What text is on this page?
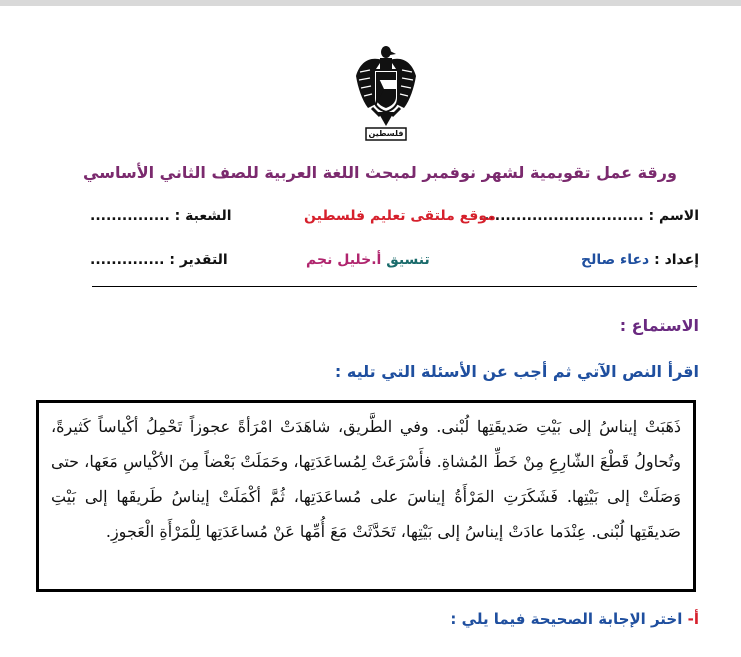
فلسطين
ورقة عمل تقويمية لشهر نوفمبر لمبحث اللغة العربية للصف الثاني الأساسي
الاسم : ...............................
موقع ملتقى تعليم فلسطين
الشعبة : ...............
إعداد : دعاء صالح
تنسيق أ.خليل نجم
التقدير : ..............
الاستماع :
اقرأ النص الآتي ثم أجب عن الأسئلة التي تليه :
ذَهَبَتْ إيناسُ إلى بَيْتِ صَديقَتِها لُبْنى. وفي الطَّريق، شاهَدَتْ امْرَأةً عجوزاً تَحْمِلُ أكْياساً كَثيرةً، وتُحاولُ قَطْعَ الشّارِعِ مِنْ خَطِّ المُشاةِ. فأَسْرَعَتْ لِمُساعَدَتِها، وحَمَلَتْ بَعْضاً مِنَ الأكْياسِ مَعَها، حتى وَصَلَتْ إلى بَيْتِها. فَشَكَرَتِ المَرْأَةُ إيناسَ على مُساعَدَتِها، ثُمَّ أكْمَلَتْ إيناسُ طَريقَها إلى بَيْتِ صَديقَتِها لُبْنى. عِنْدَما عادَتْ إيناسُ إلى بَيْتِها، تَحَدَّثَتْ مَعَ أُمِّها عَنْ مُساعَدَتِها لِلْمَرْأَةِ الْعَجوزِ.
أ- اختر الإجابة الصحيحة فيما يلي :
